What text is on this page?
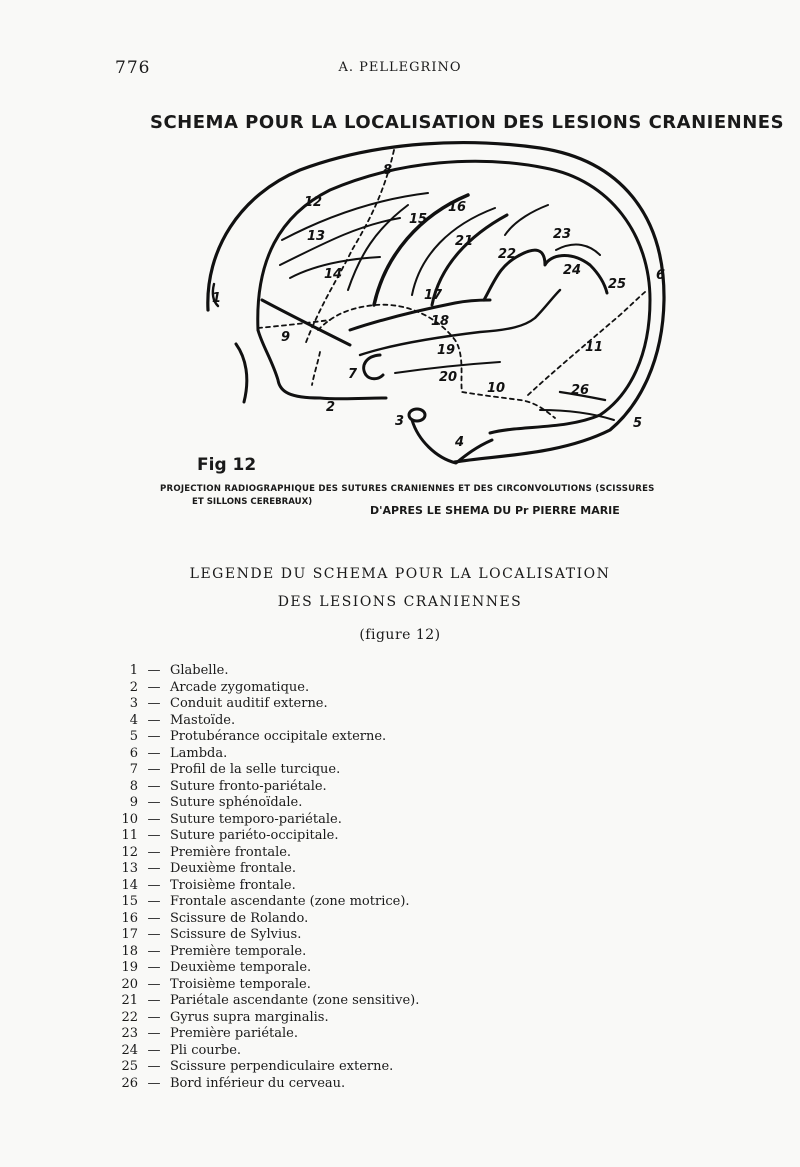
776	A. PELLEGRINO
SCHEMA POUR LA LOCALISATION DES LESIONS CRANIENNES
1
2
3
4
5
6
7
8
9
10
11
12
13
14
15
16
17
18
19
20
21
22
23
24
25
26
Fig 12
PROJECTION RADIOGRAPHIQUE DES SUTURES CRANIENNES ET DES CIRCONVOLUTIONS (SCISSURES
ET SILLONS CEREBRAUX)
D'APRES LE SHEMA DU Pr PIERRE MARIE
LEGENDE DU SCHEMA POUR LA LOCALISATION
DES LESIONS CRANIENNES
(figure 12)
1 — Glabelle.
2 — Arcade zygomatique.
3 — Conduit auditif externe.
4 — Mastoïde.
5 — Protubérance occipitale externe.
6 — Lambda.
7 — Profil de la selle turcique.
8 — Suture fronto-pariétale.
9 — Suture sphénoïdale.
10 — Suture temporo-pariétale.
11 — Suture pariéto-occipitale.
12 — Première frontale.
13 — Deuxième frontale.
14 — Troisième frontale.
15 — Frontale ascendante (zone motrice).
16 — Scissure de Rolando.
17 — Scissure de Sylvius.
18 — Première temporale.
19 — Deuxième temporale.
20 — Troisième temporale.
21 — Pariétale ascendante (zone sensitive).
22 — Gyrus supra marginalis.
23 — Première pariétale.
24 — Pli courbe.
25 — Scissure perpendiculaire externe.
26 — Bord inférieur du cerveau.
